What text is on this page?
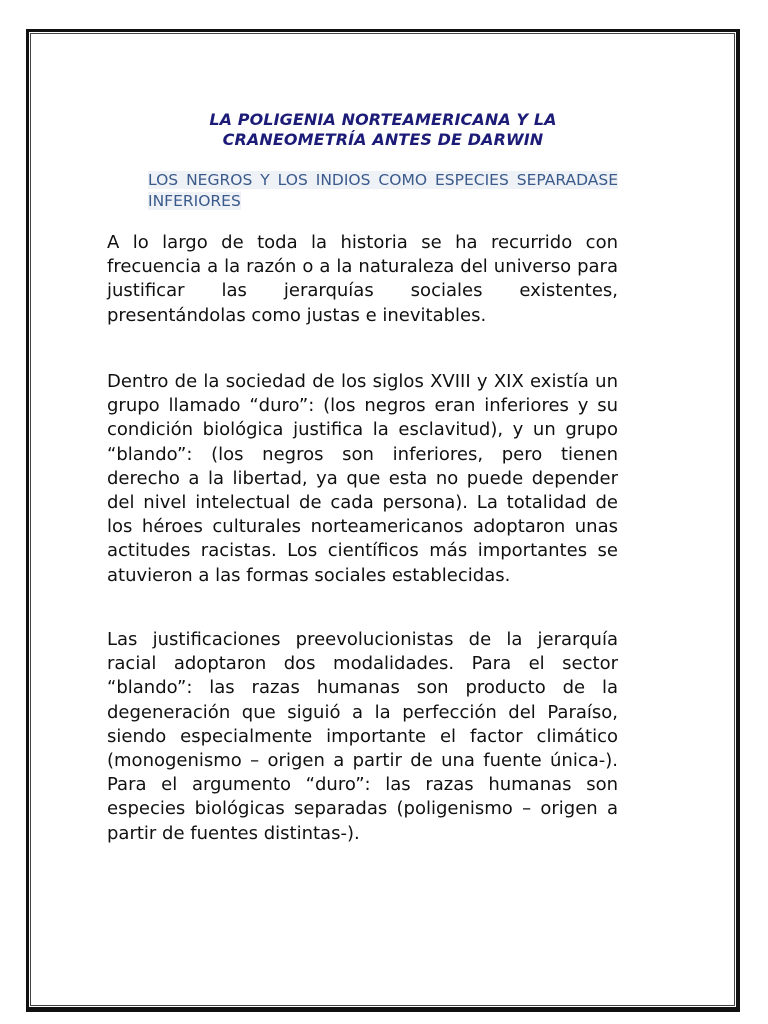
LA POLIGENIA NORTEAMERICANA Y LA
CRANEOMETRÍA ANTES DE DARWIN

LOS NEGROS Y LOS INDIOS COMO ESPECIES SEPARADASE INFERIORES

A lo largo de toda la historia se ha recurrido con frecuencia a la razón o a la naturaleza del universo para justificar las jerarquías sociales existentes, presentándolas como justas e inevitables.

Dentro de la sociedad de los siglos XVIII y XIX existía un grupo llamado “duro”: (los negros eran inferiores y su condición biológica justifica la esclavitud), y un grupo “blando”: (los negros son inferiores, pero tienen derecho a la libertad, ya que esta no puede depender del nivel intelectual de cada persona). La totalidad de los héroes culturales norteamericanos adoptaron unas actitudes racistas. Los científicos más importantes se atuvieron a las formas sociales establecidas.

Las justificaciones preevolucionistas de la jerarquía racial adoptaron dos modalidades. Para el sector “blando”: las razas humanas son producto de la degeneración que siguió a la perfección del Paraíso, siendo especialmente importante el factor climático (monogenismo – origen a partir de una fuente única-). Para el argumento “duro”: las razas humanas son especies biológicas separadas (poligenismo – origen a partir de fuentes distintas-).
